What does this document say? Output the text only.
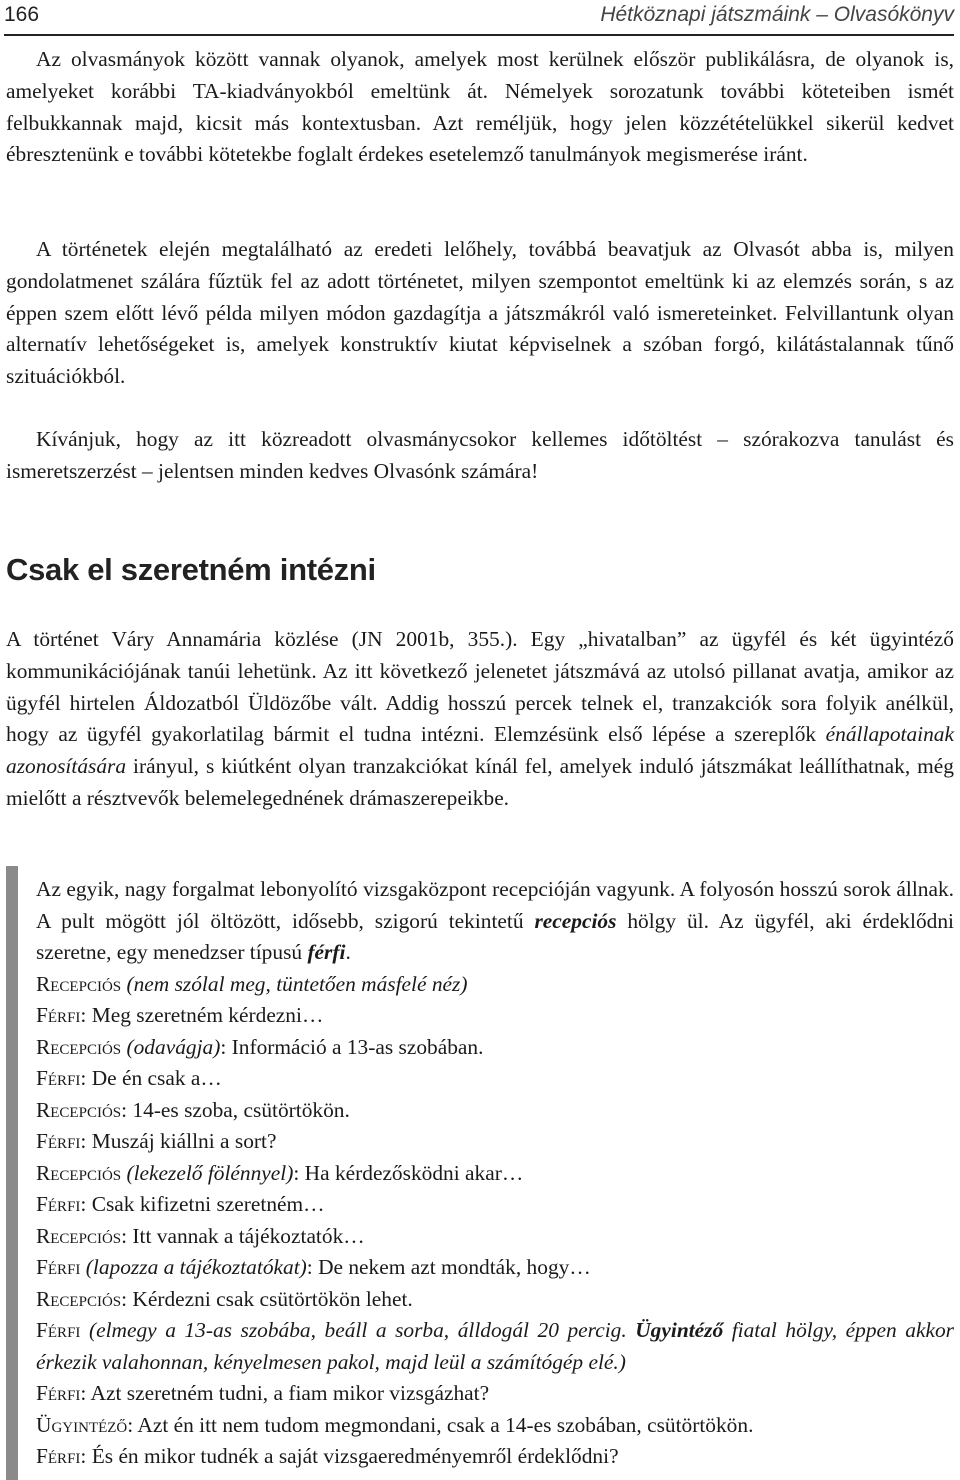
166	Hétköznapi játszmáink – Olvasókönyv

Az olvasmányok között vannak olyanok, amelyek most kerülnek először publikálásra, de olyanok is, amelyeket korábbi TA-kiadványokból emeltünk át. Némelyek sorozatunk további köteteiben ismét felbukkannak majd, kicsit más kontextusban. Azt reméljük, hogy jelen közzétételükkel sikerül kedvet ébresztenünk e további kötetekbe foglalt érdekes esetelemző tanulmányok megismerése iránt.

A történetek elején megtalálható az eredeti lelőhely, továbbá beavatjuk az Olvasót abba is, milyen gondolatmenet szálára fűztük fel az adott történetet, milyen szempontot emeltünk ki az elemzés során, s az éppen szem előtt lévő példa milyen módon gazdagítja a játszmákról való ismereteinket. Felvillantunk olyan alternatív lehetőségeket is, amelyek konstruktív kiutat képviselnek a szóban forgó, kilátástalannak tűnő szituációkból.

Kívánjuk, hogy az itt közreadott olvasmánycsokor kellemes időtöltést – szórakozva tanulást és ismeretszerzést – jelentsen minden kedves Olvasónk számára!

Csak el szeretném intézni

A történet Váry Annamária közlése (JN 2001b, 355.). Egy „hivatalban” az ügyfél és két ügyintéző kommunikációjának tanúi lehetünk. Az itt következő jelenetet játszmává az utolsó pillanat avatja, amikor az ügyfél hirtelen Áldozatból Üldözőbe vált. Addig hosszú percek telnek el, tranzakciók sora folyik anélkül, hogy az ügyfél gyakorlatilag bármit el tudna intézni. Elemzésünk első lépése a szereplők énállapotainak azonosítására irányul, s kiútként olyan tranzakciókat kínál fel, amelyek induló játszmákat leállíthatnak, még mielőtt a résztvevők belemelegednének drámaszerepeikbe.

Az egyik, nagy forgalmat lebonyolító vizsgaközpont recepcióján vagyunk. A folyosón hosszú sorok állnak. A pult mögött jól öltözött, idősebb, szigorú tekintetű recepciós hölgy ül. Az ügyfél, aki érdeklődni szeretne, egy menedzser típusú férfi.

Recepciós (nem szólal meg, tüntetően másfelé néz)

Férfi: Meg szeretném kérdezni…

Recepciós (odavágja): Információ a 13-as szobában.

Férfi: De én csak a…

Recepciós: 14-es szoba, csütörtökön.

Férfi: Muszáj kiállni a sort?

Recepciós (lekezelő fölénnyel): Ha kérdezősködni akar…

Férfi: Csak kifizetni szeretném…

Recepciós: Itt vannak a tájékoztatók…

Férfi (lapozza a tájékoztatókat): De nekem azt mondták, hogy…

Recepciós: Kérdezni csak csütörtökön lehet.

Férfi (elmegy a 13-as szobába, beáll a sorba, álldogál 20 percig. Ügyintéző fiatal hölgy, éppen akkor érkezik valahonnan, kényelmesen pakol, majd leül a számítógép elé.)

Férfi: Azt szeretném tudni, a fiam mikor vizsgázhat?

Ügyintéző: Azt én itt nem tudom megmondani, csak a 14-es szobában, csütörtökön.

Férfi: És én mikor tudnék a saját vizsgaeredményemről érdeklődni?
